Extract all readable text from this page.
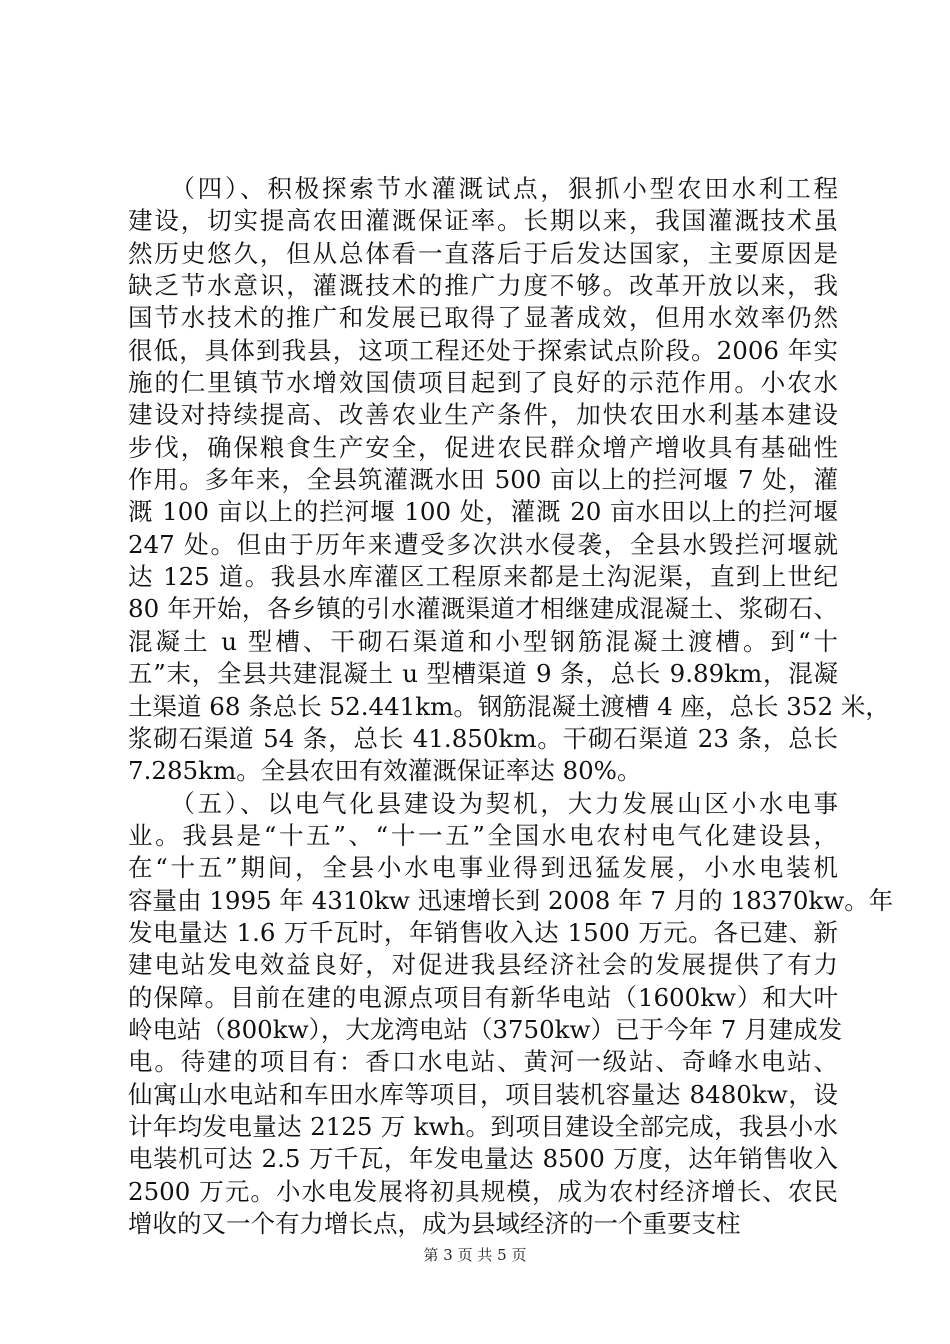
　　（四）、积极探索节水灌溉试点，狠抓小型农田水利工程
建设，切实提高农田灌溉保证率。长期以来，我国灌溉技术虽
然历史悠久，但从总体看一直落后于后发达国家，主要原因是
缺乏节水意识，灌溉技术的推广力度不够。改革开放以来，我
国节水技术的推广和发展已取得了显著成效，但用水效率仍然
很低，具体到我县，这项工程还处于探索试点阶段。2006 年实
施的仁里镇节水增效国债项目起到了良好的示范作用。小农水
建设对持续提高、改善农业生产条件，加快农田水利基本建设
步伐，确保粮食生产安全，促进农民群众增产增收具有基础性
作用。多年来，全县筑灌溉水田 500 亩以上的拦河堰 7 处，灌
溉 100 亩以上的拦河堰 100 处，灌溉 20 亩水田以上的拦河堰
247 处。但由于历年来遭受多次洪水侵袭，全县水毁拦河堰就
达 125 道。我县水库灌区工程原来都是土沟泥渠，直到上世纪
80 年开始，各乡镇的引水灌溉渠道才相继建成混凝土、浆砌石、
混凝土 u 型槽、干砌石渠道和小型钢筋混凝土渡槽。到“十
五”末，全县共建混凝土 u 型槽渠道 9 条，总长 9.89km，混凝
土渠道 68 条总长 52.441km。钢筋混凝土渡槽 4 座，总长 352 米，
浆砌石渠道 54 条，总长 41.850km。干砌石渠道 23 条，总长
7.285km。全县农田有效灌溉保证率达 80%。
　　（五）、以电气化县建设为契机，大力发展山区小水电事
业。我县是“十五”、“十一五”全国水电农村电气化建设县，
在“十五”期间，全县小水电事业得到迅猛发展，小水电装机
容量由 1995 年 4310kw 迅速增长到 2008 年 7 月的 18370kw。年
发电量达 1.6 万千瓦时，年销售收入达 1500 万元。各已建、新
建电站发电效益良好，对促进我县经济社会的发展提供了有力
的保障。目前在建的电源点项目有新华电站（1600kw）和大叶
岭电站（800kw），大龙湾电站（3750kw）已于今年 7 月建成发
电。待建的项目有：香口水电站、黄河一级站、奇峰水电站、
仙寓山水电站和车田水库等项目，项目装机容量达 8480kw，设
计年均发电量达 2125 万 kwh。到项目建设全部完成，我县小水
电装机可达 2.5 万千瓦，年发电量达 8500 万度，达年销售收入
2500 万元。小水电发展将初具规模，成为农村经济增长、农民
增收的又一个有力增长点，成为县域经济的一个重要支柱
第 3 页 共 5 页
